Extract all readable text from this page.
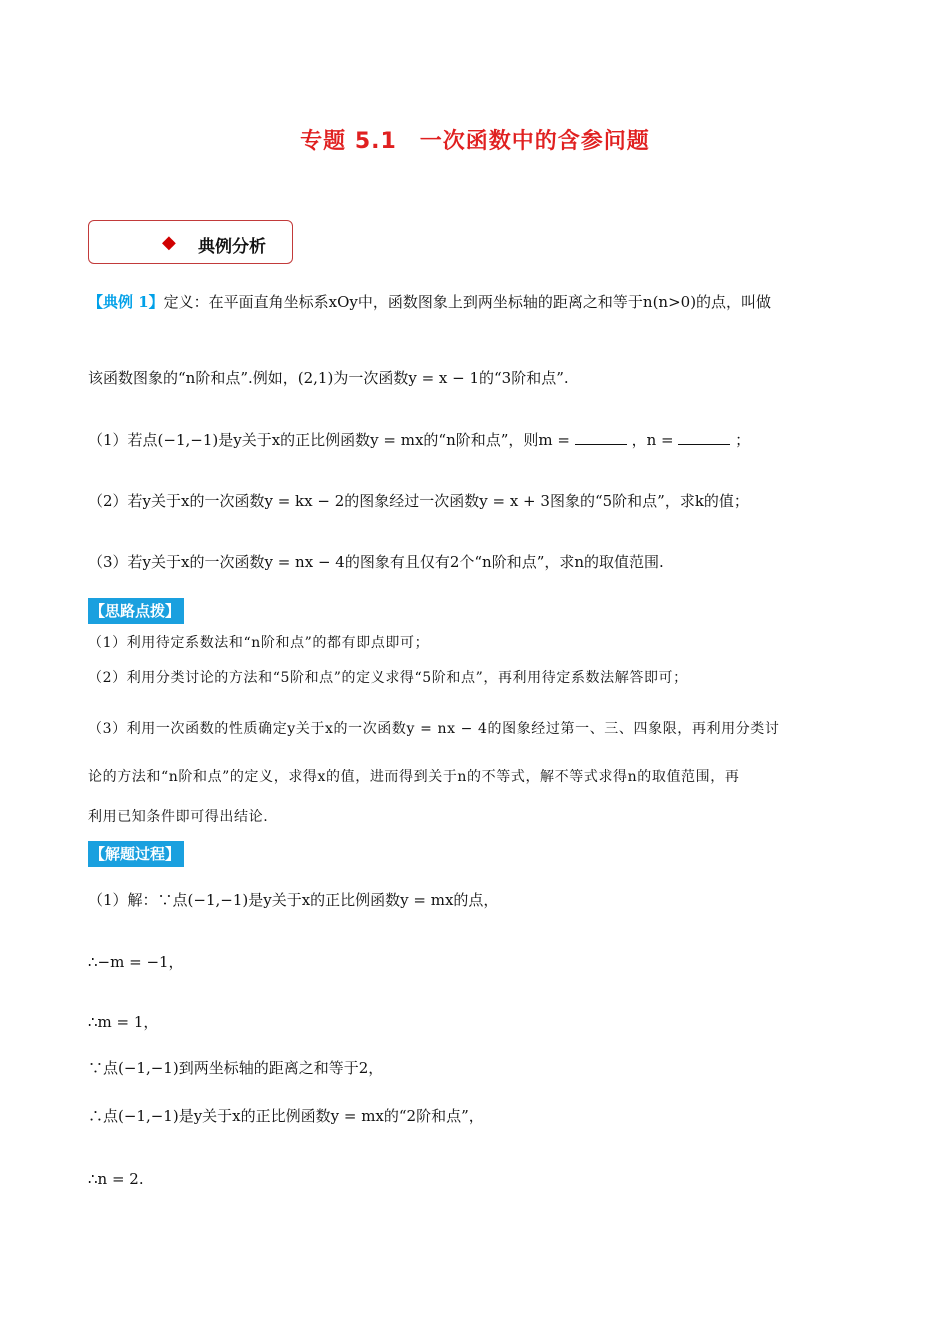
专题 5.1　一次函数中的含参问题
◆ 典例分析
【典例 1】定义：在平面直角坐标系xOy中，函数图象上到两坐标轴的距离之和等于n(n>0)的点，叫做
该函数图象的“n阶和点”.例如，(2,1)为一次函数y = x − 1的“3阶和点”.
（1）若点(−1,−1)是y关于x的正比例函数y = mx的“n阶和点”，则m =	，n =	；
（2）若y关于x的一次函数y = kx − 2的图象经过一次函数y = x + 3图象的“5阶和点”，求k的值；
（3）若y关于x的一次函数y = nx − 4的图象有且仅有2个“n阶和点”，求n的取值范围.
【思路点拨】
（1）利用待定系数法和“n阶和点”的都有即点即可；
（2）利用分类讨论的方法和“5阶和点”的定义求得“5阶和点”，再利用待定系数法解答即可；
（3）利用一次函数的性质确定y关于x的一次函数y = nx − 4的图象经过第一、三、四象限，再利用分类讨
论的方法和“n阶和点”的定义，求得x的值，进而得到关于n的不等式，解不等式求得n的取值范围，再
利用已知条件即可得出结论.
【解题过程】
（1）解：∵点(−1,−1)是y关于x的正比例函数y = mx的点，
∴−m = −1，
∴m = 1，
∵点(−1,−1)到两坐标轴的距离之和等于2，
∴点(−1,−1)是y关于x的正比例函数y = mx的“2阶和点”，
∴n = 2.
